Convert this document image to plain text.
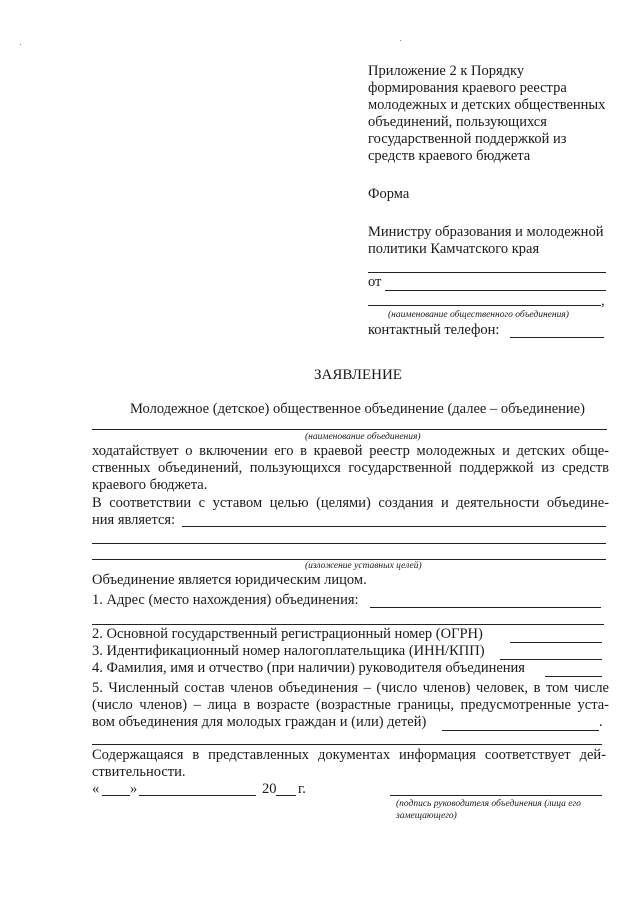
Приложение 2 к Порядку
формирования краевого реестра
молодежных и детских общественных
объединений, пользующихся
государственной поддержкой из
средств краевого бюджета
Форма
Министру образования и молодежной
политики Камчатского края
от
,
(наименование общественного объединения)
контактный телефон:
ЗАЯВЛЕНИЕ
Молодежное (детское) общественное объединение (далее – объединение)
(наименование объединения)
ходатайствует о включении его в краевой реестр молодежных и детских обще-
ственных объединений, пользующихся государственной поддержкой из средств
краевого бюджета.
В соответствии с уставом целью (целями) создания и деятельности объедине-
ния является:
(изложение уставных целей)
Объединение является юридическим лицом.
1. Адрес (место нахождения) объединения:
2. Основной государственный регистрационный номер (ОГРН)
3. Идентификационный номер налогоплательщика (ИНН/КПП)
4. Фамилия, имя и отчество (при наличии) руководителя объединения
5. Численный состав членов объединения – (число членов) человек, в том числе
(число членов) – лица в возрасте (возрастные границы, предусмотренные уста-
вом объединения для молодых граждан и (или) детей)	.
Содержащаяся в представленных документах информация соответствует дей-
ствительности.
« »	20 г.
(подпись руководителя объединения (лица его
замещающего)
